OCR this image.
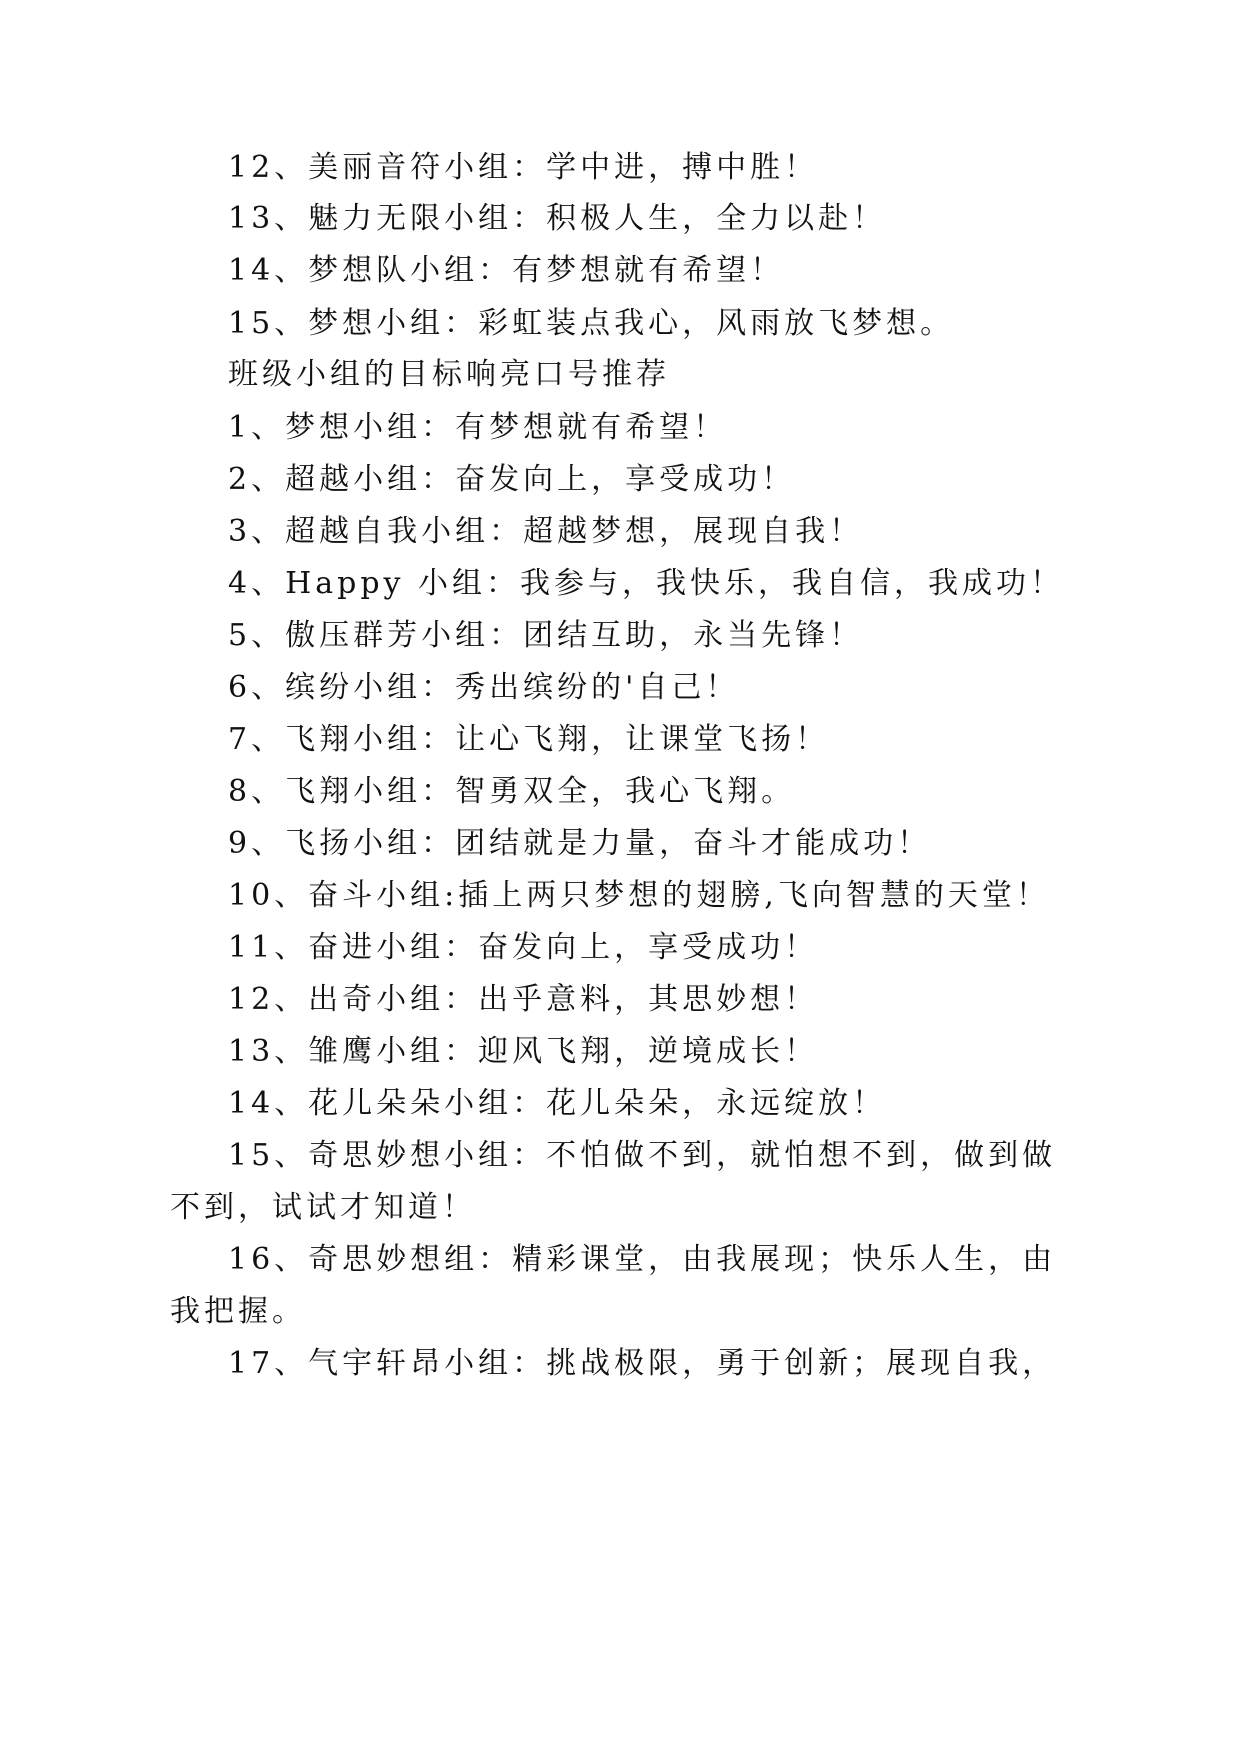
12、美丽音符小组：学中进，搏中胜！
13、魅力无限小组：积极人生，全力以赴！
14、梦想队小组：有梦想就有希望！
15、梦想小组：彩虹装点我心，风雨放飞梦想。
班级小组的目标响亮口号推荐
1、梦想小组：有梦想就有希望！
2、超越小组：奋发向上，享受成功！
3、超越自我小组：超越梦想，展现自我！
4、Happy 小组：我参与，我快乐，我自信，我成功！
5、傲压群芳小组：团结互助，永当先锋！
6、缤纷小组：秀出缤纷的'自己！
7、飞翔小组：让心飞翔，让课堂飞扬！
8、飞翔小组：智勇双全，我心飞翔。
9、飞扬小组：团结就是力量，奋斗才能成功！
10、奋斗小组:插上两只梦想的翅膀,飞向智慧的天堂！
11、奋进小组：奋发向上，享受成功！
12、出奇小组：出乎意料，其思妙想！
13、雏鹰小组：迎风飞翔，逆境成长！
14、花儿朵朵小组：花儿朵朵，永远绽放！
15、奇思妙想小组：不怕做不到，就怕想不到，做到做
不到，试试才知道！
16、奇思妙想组：精彩课堂，由我展现；快乐人生，由
我把握。
17、气宇轩昂小组：挑战极限，勇于创新；展现自我，
